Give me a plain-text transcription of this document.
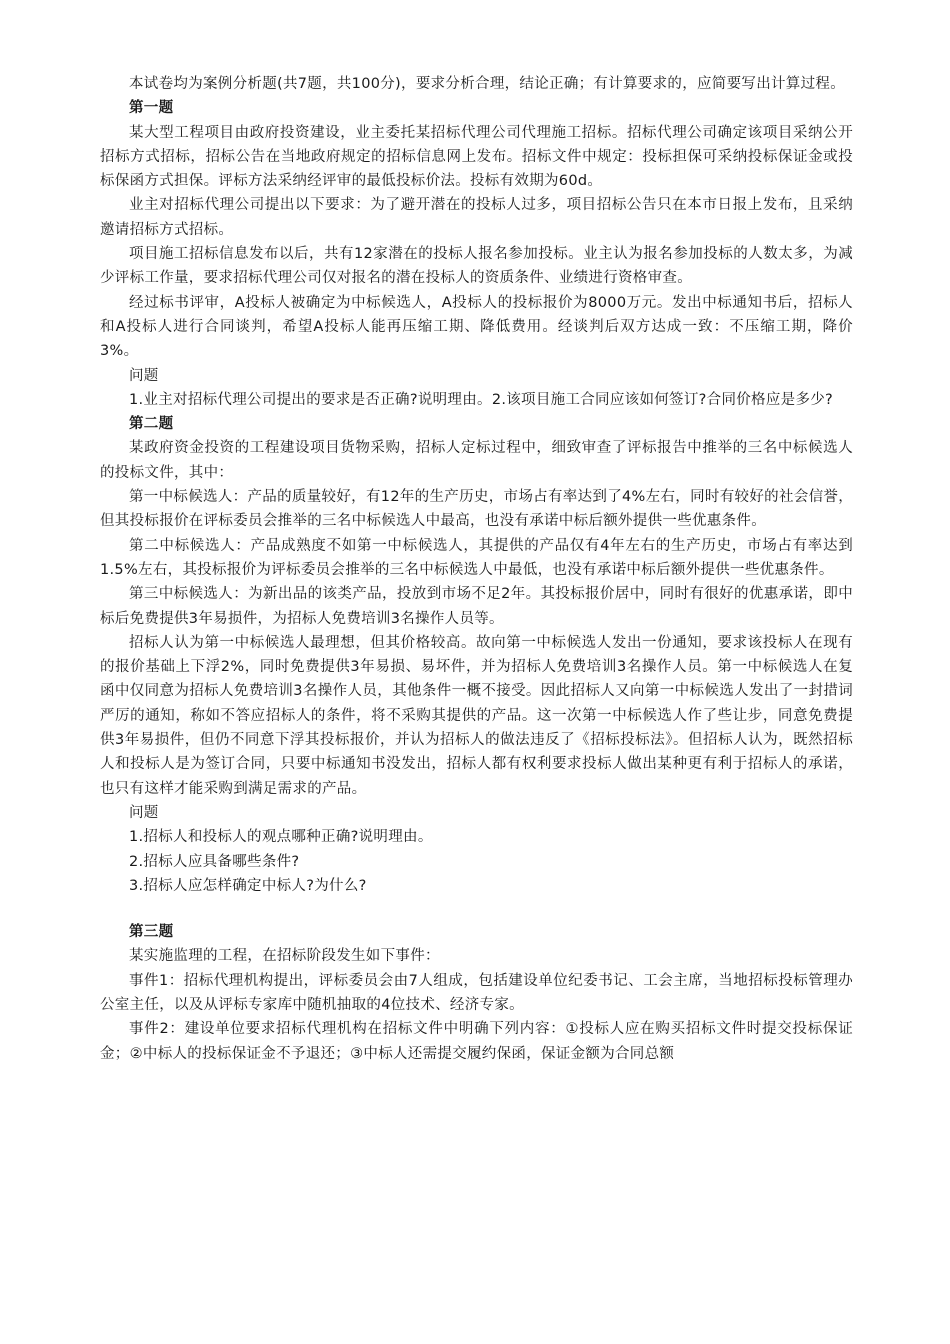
本试卷均为案例分析题(共7题，共100分)，要求分析合理，结论正确；有计算要求的，应简要写出计算过程。

第一题

某大型工程项目由政府投资建设，业主委托某招标代理公司代理施工招标。招标代理公司确定该项目采纳公开招标方式招标，招标公告在当地政府规定的招标信息网上发布。招标文件中规定：投标担保可采纳投标保证金或投标保函方式担保。评标方法采纳经评审的最低投标价法。投标有效期为60d。

业主对招标代理公司提出以下要求：为了避开潜在的投标人过多，项目招标公告只在本市日报上发布，且采纳邀请招标方式招标。

项目施工招标信息发布以后，共有12家潜在的投标人报名参加投标。业主认为报名参加投标的人数太多，为减少评标工作量，要求招标代理公司仅对报名的潜在投标人的资质条件、业绩进行资格审查。

经过标书评审，A投标人被确定为中标候选人，A投标人的投标报价为8000万元。发出中标通知书后，招标人和A投标人进行合同谈判，希望A投标人能再压缩工期、降低费用。经谈判后双方达成一致：不压缩工期，降价3%。

问题

1.业主对招标代理公司提出的要求是否正确?说明理由。2.该项目施工合同应该如何签订?合同价格应是多少?

第二题

某政府资金投资的工程建设项目货物采购，招标人定标过程中，细致审查了评标报告中推举的三名中标候选人的投标文件，其中：

第一中标候选人：产品的质量较好，有12年的生产历史，市场占有率达到了4%左右，同时有较好的社会信誉，但其投标报价在评标委员会推举的三名中标候选人中最高，也没有承诺中标后额外提供一些优惠条件。

第二中标候选人：产品成熟度不如第一中标候选人，其提供的产品仅有4年左右的生产历史，市场占有率达到1.5%左右，其投标报价为评标委员会推举的三名中标候选人中最低，也没有承诺中标后额外提供一些优惠条件。

第三中标候选人：为新出品的该类产品，投放到市场不足2年。其投标报价居中，同时有很好的优惠承诺，即中标后免费提供3年易损件，为招标人免费培训3名操作人员等。

招标人认为第一中标候选人最理想，但其价格较高。故向第一中标候选人发出一份通知，要求该投标人在现有的报价基础上下浮2%，同时免费提供3年易损、易坏件，并为招标人免费培训3名操作人员。第一中标候选人在复函中仅同意为招标人免费培训3名操作人员，其他条件一概不接受。因此招标人又向第一中标候选人发出了一封措词严厉的通知，称如不答应招标人的条件，将不采购其提供的产品。这一次第一中标候选人作了些让步，同意免费提供3年易损件，但仍不同意下浮其投标报价，并认为招标人的做法违反了《招标投标法》。但招标人认为，既然招标人和投标人是为签订合同，只要中标通知书没发出，招标人都有权利要求投标人做出某种更有利于招标人的承诺，也只有这样才能采购到满足需求的产品。

问题

1.招标人和投标人的观点哪种正确?说明理由。

2.招标人应具备哪些条件?

3.招标人应怎样确定中标人?为什么?

第三题

某实施监理的工程，在招标阶段发生如下事件：

事件1：招标代理机构提出，评标委员会由7人组成，包括建设单位纪委书记、工会主席，当地招标投标管理办公室主任，以及从评标专家库中随机抽取的4位技术、经济专家。

事件2：建设单位要求招标代理机构在招标文件中明确下列内容：①投标人应在购买招标文件时提交投标保证金；②中标人的投标保证金不予退还；③中标人还需提交履约保函，保证金额为合同总额
